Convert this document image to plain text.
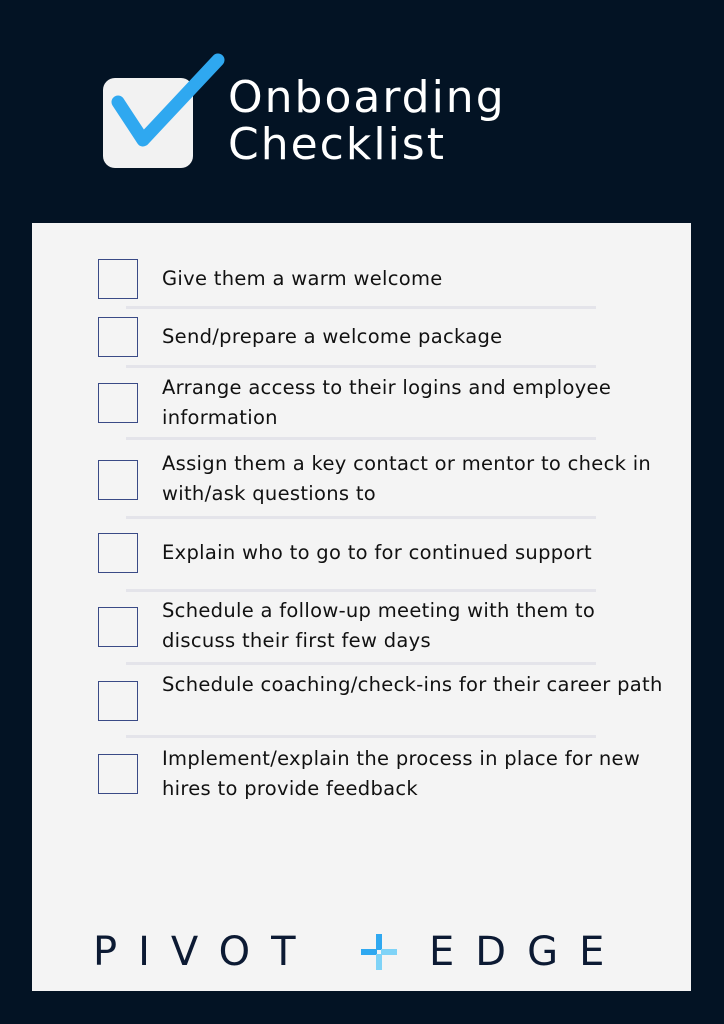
Onboarding
Checklist
Give them a warm welcome
Send/prepare a welcome package
Arrange access to their logins and employee information
Assign them a key contact or mentor to check in with/ask questions to
Explain who to go to for continued support
Schedule a follow-up meeting with them to discuss their first few days
Schedule coaching/check-ins for their career path
Implement/explain the process in place for new hires to provide feedback
PIVOT	EDGE
